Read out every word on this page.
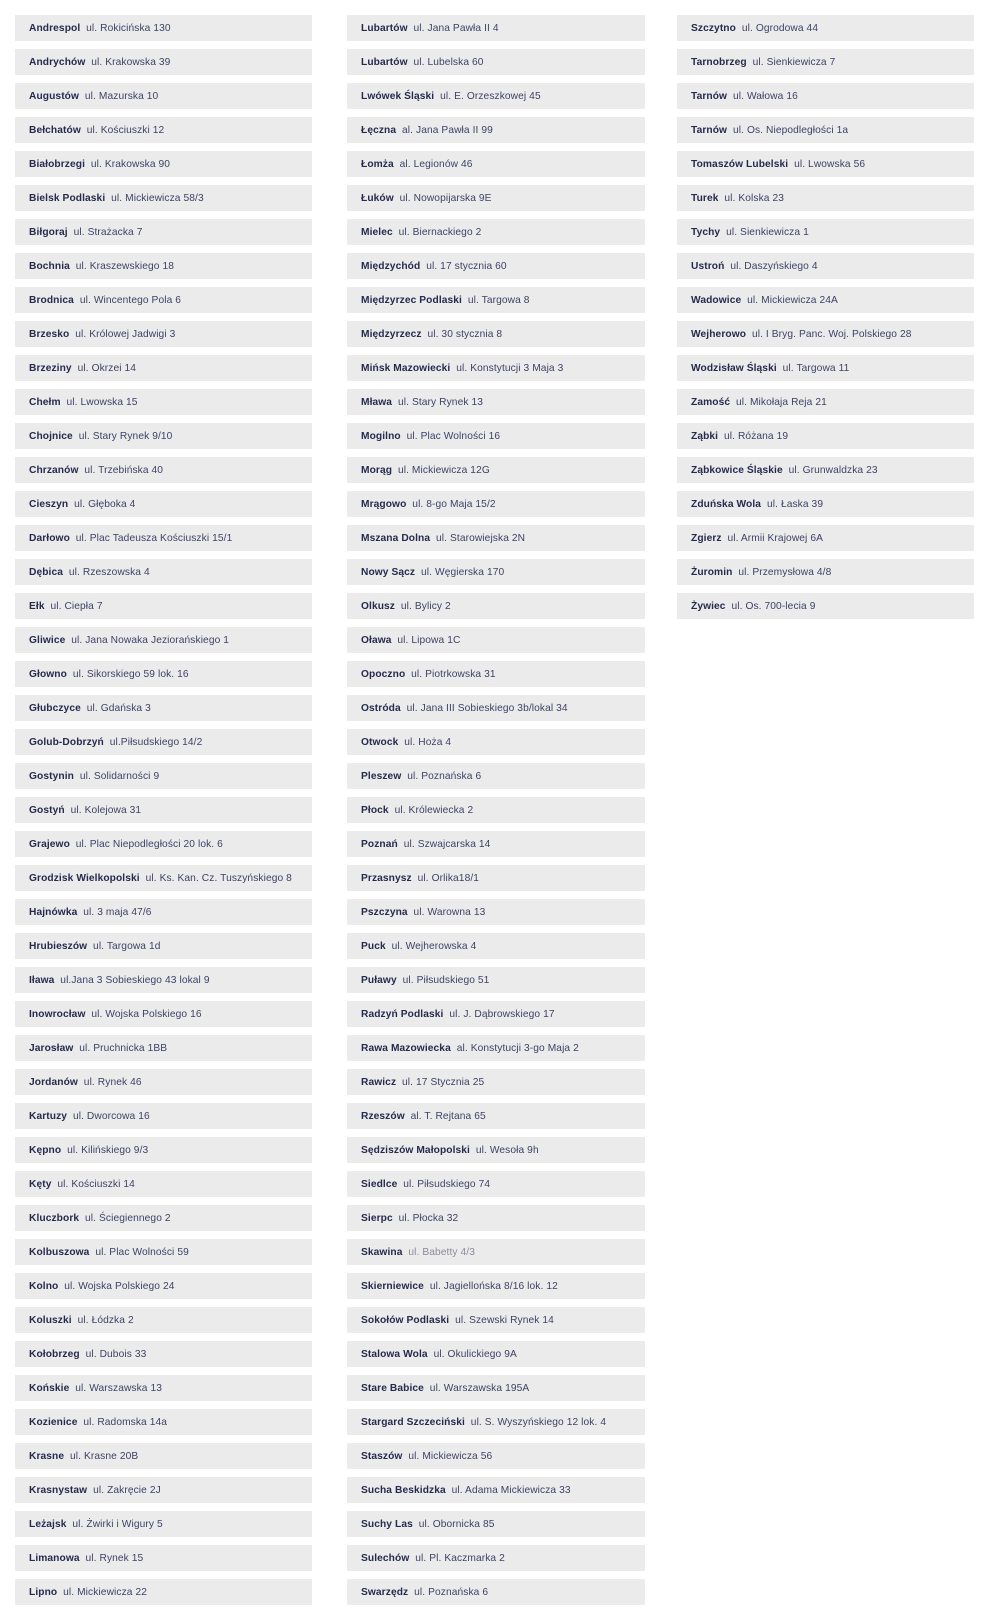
Andrespol
ul. Rokicińska 130
Andrychów
ul. Krakowska 39
Augustów
ul. Mazurska 10
Bełchatów
ul. Kościuszki 12
Białobrzegi
ul. Krakowska 90
Bielsk Podlaski
ul. Mickiewicza 58/3
Biłgoraj
ul. Strażacka 7
Bochnia
ul. Kraszewskiego 18
Brodnica
ul. Wincentego Pola 6
Brzesko
ul. Królowej Jadwigi 3
Brzeziny
ul. Okrzei 14
Chełm
ul. Lwowska 15
Chojnice
ul. Stary Rynek 9/10
Chrzanów
ul. Trzebińska 40
Cieszyn
ul. Głęboka 4
Darłowo
ul. Plac Tadeusza Kościuszki 15/1
Dębica
ul. Rzeszowska 4
Ełk
ul. Ciepła 7
Gliwice
ul. Jana Nowaka Jeziorańskiego 1
Głowno
ul. Sikorskiego 59 lok. 16
Głubczyce
ul. Gdańska 3
Golub-Dobrzyń
ul.Piłsudskiego 14/2
Gostynin
ul. Solidarności 9
Gostyń
ul. Kolejowa 31
Grajewo
ul. Plac Niepodległości 20 lok. 6
Grodzisk Wielkopolski
ul. Ks. Kan. Cz. Tuszyńskiego 8
Hajnówka
ul. 3 maja 47/6
Hrubieszów
ul. Targowa 1d
Iława
ul.Jana 3 Sobieskiego 43 lokal 9
Inowrocław
ul. Wojska Polskiego 16
Jarosław
ul. Pruchnicka 1BB
Jordanów
ul. Rynek 46
Kartuzy
ul. Dworcowa 16
Kępno
ul. Kilińskiego 9/3
Kęty
ul. Kościuszki 14
Kluczbork
ul. Ściegiennego 2
Kolbuszowa
ul. Plac Wolności 59
Kolno
ul. Wojska Polskiego 24
Koluszki
ul. Łódzka 2
Kołobrzeg
ul. Dubois 33
Końskie
ul. Warszawska 13
Kozienice
ul. Radomska 14a
Krasne
ul. Krasne 20B
Krasnystaw
ul. Zakręcie 2J
Leżajsk
ul. Żwirki i Wigury 5
Limanowa
ul. Rynek 15
Lipno
ul. Mickiewicza 22
Lubartów
ul. Jana Pawła II 4
Lubartów
ul. Lubelska 60
Lwówek Śląski
ul. E. Orzeszkowej 45
Łęczna
al. Jana Pawła II 99
Łomża
al. Legionów 46
Łuków
ul. Nowopijarska 9E
Mielec
ul. Biernackiego 2
Międzychód
ul. 17 stycznia 60
Międzyrzec Podlaski
ul. Targowa 8
Międzyrzecz
ul. 30 stycznia 8
Mińsk Mazowiecki
ul. Konstytucji 3 Maja 3
Mława
ul. Stary Rynek 13
Mogilno
ul. Plac Wolności 16
Morąg
ul. Mickiewicza 12G
Mrągowo
ul. 8-go Maja 15/2
Mszana Dolna
ul. Starowiejska 2N
Nowy Sącz
ul. Węgierska 170
Olkusz
ul. Bylicy 2
Oława
ul. Lipowa 1C
Opoczno
ul. Piotrkowska 31
Ostróda
ul. Jana III Sobieskiego 3b/lokal 34
Otwock
ul. Hoża 4
Pleszew
ul. Poznańska 6
Płock
ul. Królewiecka 2
Poznań
ul. Szwajcarska 14
Przasnysz
ul. Orlika18/1
Pszczyna
ul. Warowna 13
Puck
ul. Wejherowska 4
Puławy
ul. Piłsudskiego 51
Radzyń Podlaski
ul. J. Dąbrowskiego 17
Rawa Mazowiecka
al. Konstytucji 3-go Maja 2
Rawicz
ul. 17 Stycznia 25
Rzeszów
al. T. Rejtana 65
Sędziszów Małopolski
ul. Wesoła 9h
Siedlce
ul. Piłsudskiego 74
Sierpc
ul. Płocka 32
Skawina
ul. Babetty 4/3
Skierniewice
ul. Jagiellońska 8/16 lok. 12
Sokołów Podlaski
ul. Szewski Rynek 14
Stalowa Wola
ul. Okulickiego 9A
Stare Babice
ul. Warszawska 195A
Stargard Szczeciński
ul. S. Wyszyńskiego 12 lok. 4
Staszów
ul. Mickiewicza 56
Sucha Beskidzka
ul. Adama Mickiewicza 33
Suchy Las
ul. Obornicka 85
Sulechów
ul. Pl. Kaczmarka 2
Swarzędz
ul. Poznańska 6
Szczytno
ul. Ogrodowa 44
Tarnobrzeg
ul. Sienkiewicza 7
Tarnów
ul. Wałowa 16
Tarnów
ul. Os. Niepodległości 1a
Tomaszów Lubelski
ul. Lwowska 56
Turek
ul. Kolska 23
Tychy
ul. Sienkiewicza 1
Ustroń
ul. Daszyńskiego 4
Wadowice
ul. Mickiewicza 24A
Wejherowo
ul. I Bryg. Panc. Woj. Polskiego 28
Wodzisław Śląski
ul. Targowa 11
Zamość
ul. Mikołaja Reja 21
Ząbki
ul. Różana 19
Ząbkowice Śląskie
ul. Grunwaldzka 23
Zduńska Wola
ul. Łaska 39
Zgierz
ul. Armii Krajowej 6A
Żuromin
ul. Przemysłowa 4/8
Żywiec
ul. Os. 700-lecia 9
